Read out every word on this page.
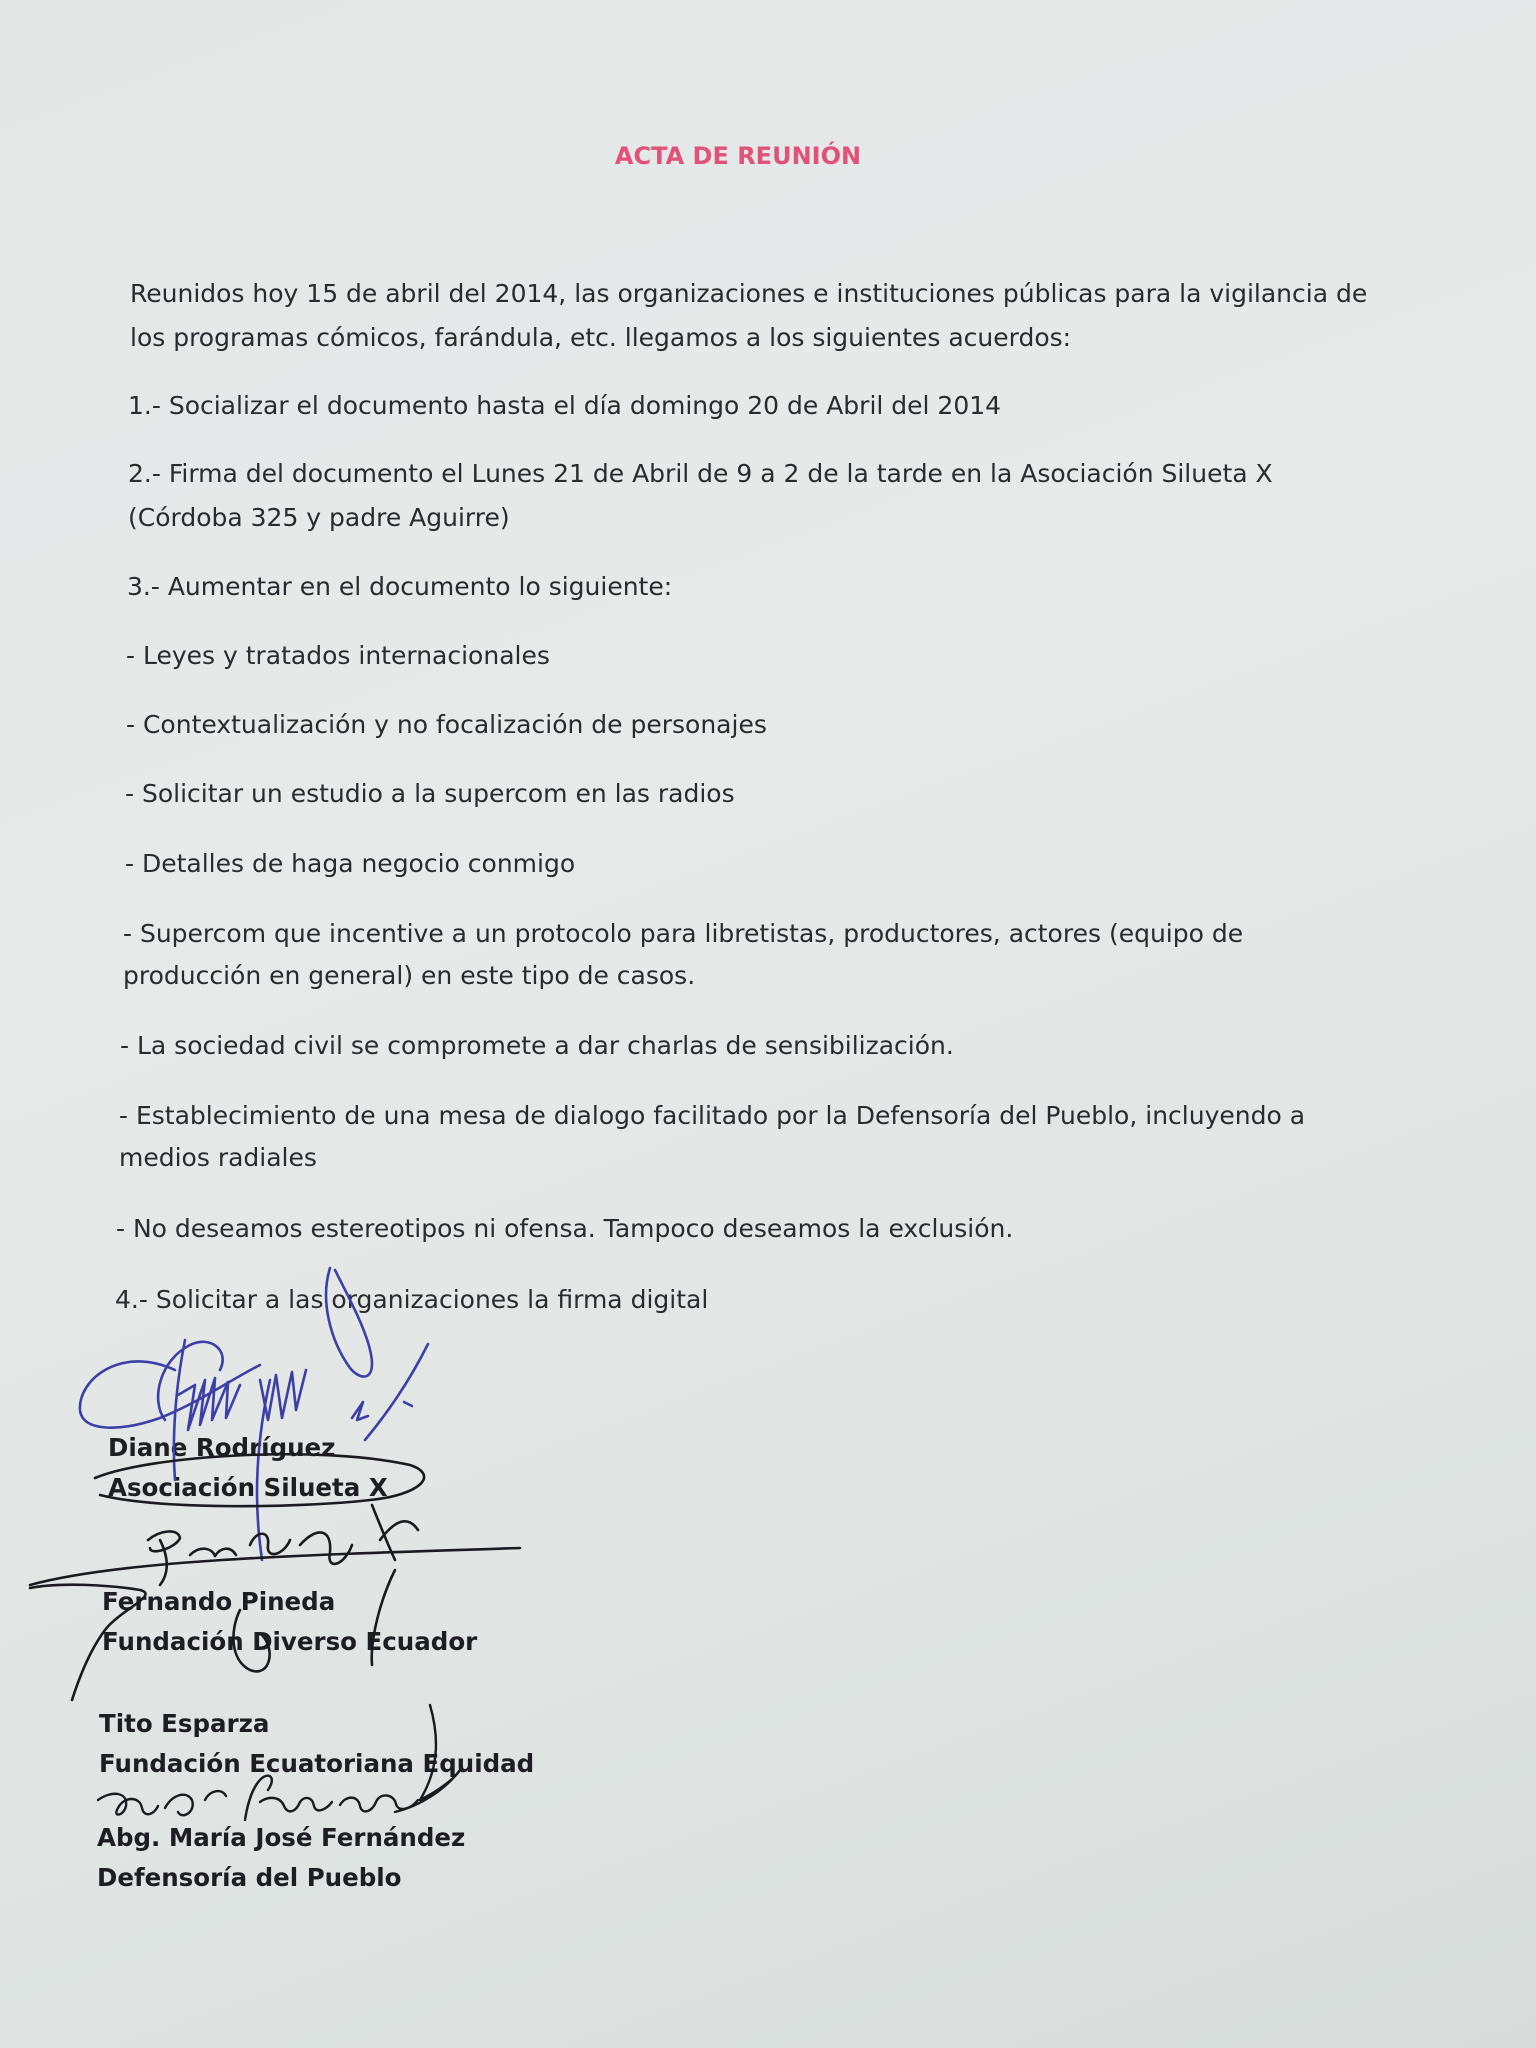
ACTA DE REUNIÓN
Reunidos hoy 15 de abril del 2014, las organizaciones e instituciones públicas para la vigilancia de
los programas cómicos, farándula, etc. llegamos a los siguientes acuerdos:
1.- Socializar el documento hasta el día domingo 20 de Abril del 2014
2.- Firma del documento el Lunes 21 de Abril de 9 a 2 de la tarde en la Asociación Silueta X
(Córdoba 325 y padre Aguirre)
3.- Aumentar en el documento lo siguiente:
- Leyes y tratados internacionales
- Contextualización y no focalización de personajes
- Solicitar un estudio a la supercom en las radios
- Detalles de haga negocio conmigo
- Supercom que incentive a un protocolo para libretistas, productores, actores (equipo de
producción en general) en este tipo de casos.
- La sociedad civil se compromete a dar charlas de sensibilización.
- Establecimiento de una mesa de dialogo facilitado por la Defensoría del Pueblo, incluyendo a
medios radiales
- No deseamos estereotipos ni ofensa. Tampoco deseamos la exclusión.
4.- Solicitar a las organizaciones la firma digital
Diane Rodríguez
Asociación Silueta X
Fernando Pineda
Fundación Diverso Ecuador
Tito Esparza
Fundación Ecuatoriana Equidad
Abg. María José Fernández
Defensoría del Pueblo
